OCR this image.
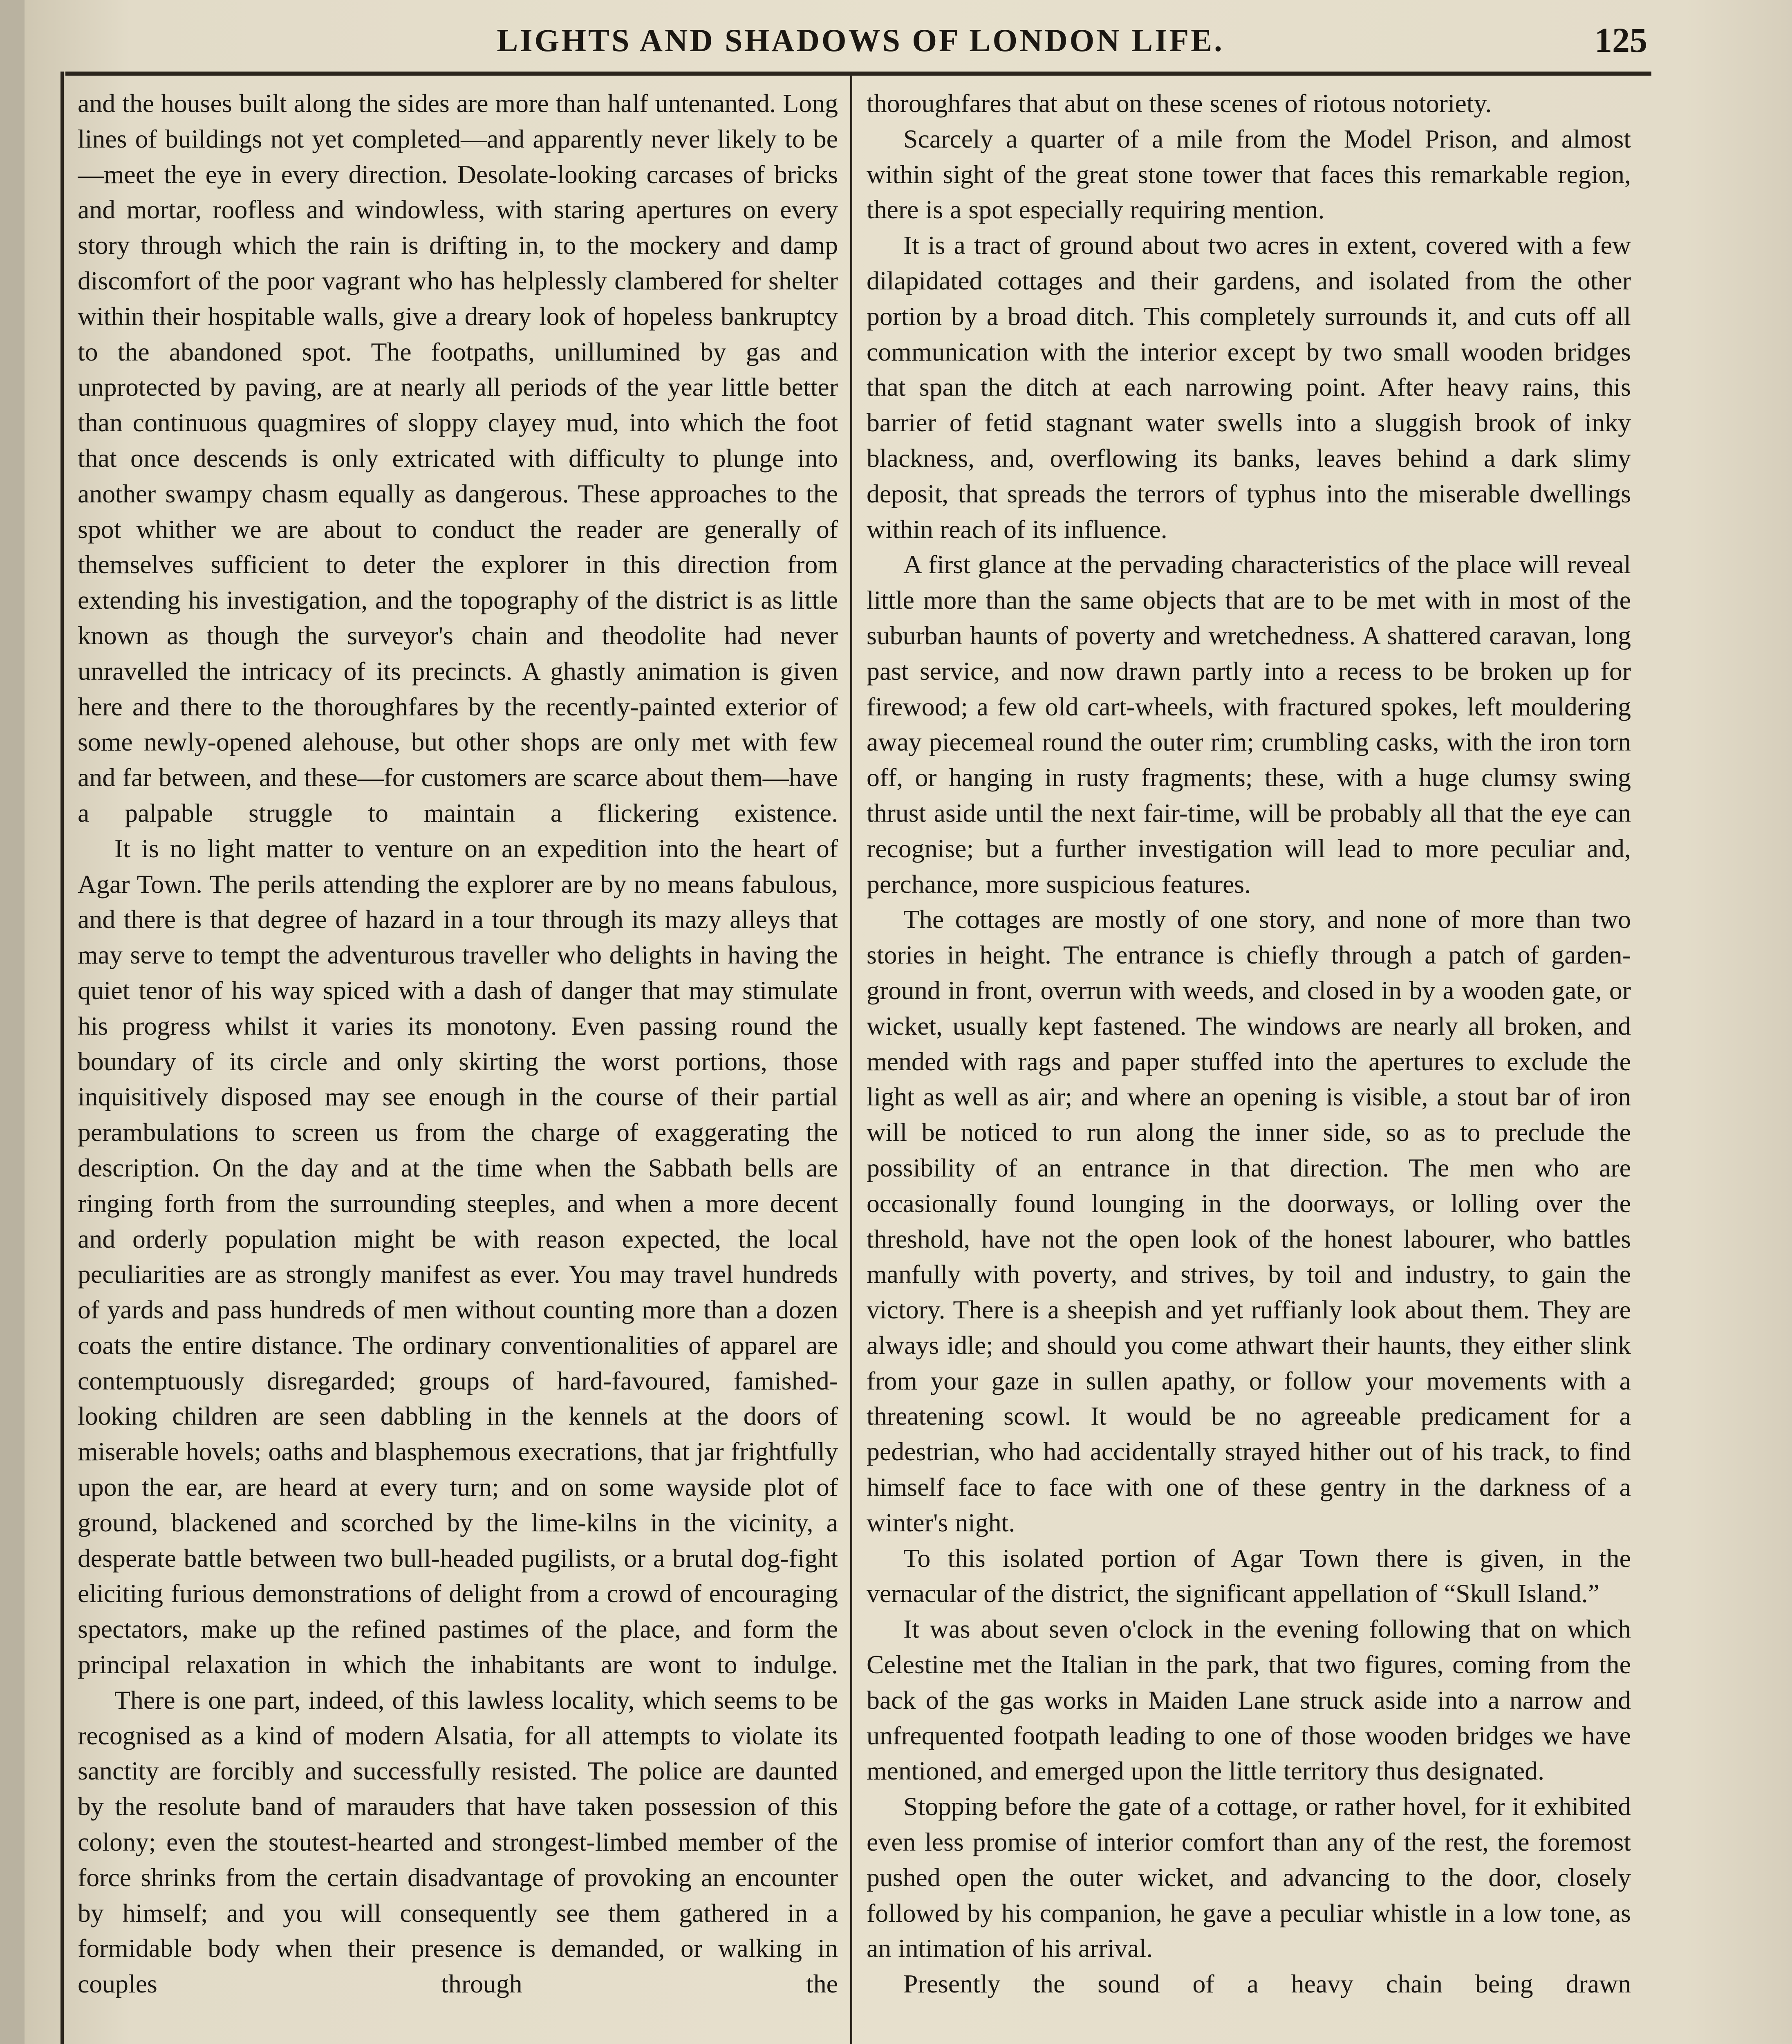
LIGHTS AND SHADOWS OF LONDON LIFE.	125

and the houses built along the sides are more than half untenanted. Long lines of buildings not yet completed—and apparently never likely to be—meet the eye in every direction. Desolate-looking carcases of bricks and mortar, roofless and windowless, with staring apertures on every story through which the rain is drifting in, to the mockery and damp discomfort of the poor vagrant who has helplessly clambered for shelter within their hospitable walls, give a dreary look of hopeless bankruptcy to the abandoned spot. The footpaths, unillumined by gas and unprotected by paving, are at nearly all periods of the year little better than continuous quagmires of sloppy clayey mud, into which the foot that once descends is only extricated with difficulty to plunge into another swampy chasm equally as dangerous. These approaches to the spot whither we are about to conduct the reader are generally of themselves sufficient to deter the explorer in this direction from extending his investigation, and the topography of the district is as little known as though the surveyor's chain and theodolite had never unravelled the intricacy of its precincts. A ghastly animation is given here and there to the thoroughfares by the recently-painted exterior of some newly-opened alehouse, but other shops are only met with few and far between, and these—for customers are scarce about them—have a palpable struggle to maintain a flickering existence.

It is no light matter to venture on an expedition into the heart of Agar Town. The perils attending the explorer are by no means fabulous, and there is that degree of hazard in a tour through its mazy alleys that may serve to tempt the adventurous traveller who delights in having the quiet tenor of his way spiced with a dash of danger that may stimulate his progress whilst it varies its monotony. Even passing round the boundary of its circle and only skirting the worst portions, those inquisitively disposed may see enough in the course of their partial perambulations to screen us from the charge of exaggerating the description. On the day and at the time when the Sabbath bells are ringing forth from the surrounding steeples, and when a more decent and orderly population might be with reason expected, the local peculiarities are as strongly manifest as ever. You may travel hundreds of yards and pass hundreds of men without counting more than a dozen coats the entire distance. The ordinary conventionalities of apparel are contemptuously disregarded; groups of hard-favoured, famished-looking children are seen dabbling in the kennels at the doors of miserable hovels; oaths and blasphemous execrations, that jar frightfully upon the ear, are heard at every turn; and on some wayside plot of ground, blackened and scorched by the lime-kilns in the vicinity, a desperate battle between two bull-headed pugilists, or a brutal dog-fight eliciting furious demonstrations of delight from a crowd of encouraging spectators, make up the refined pastimes of the place, and form the principal relaxation in which the inhabitants are wont to indulge.

There is one part, indeed, of this lawless locality, which seems to be recognised as a kind of modern Alsatia, for all attempts to violate its sanctity are forcibly and successfully resisted. The police are daunted by the resolute band of marauders that have taken possession of this colony; even the stoutest-hearted and strongest-limbed member of the force shrinks from the certain disadvantage of provoking an encounter by himself; and you will consequently see them gathered in a formidable body when their presence is demanded, or walking in couples through the

thoroughfares that abut on these scenes of riotous notoriety.

Scarcely a quarter of a mile from the Model Prison, and almost within sight of the great stone tower that faces this remarkable region, there is a spot especially requiring mention.

It is a tract of ground about two acres in extent, covered with a few dilapidated cottages and their gardens, and isolated from the other portion by a broad ditch. This completely surrounds it, and cuts off all communication with the interior except by two small wooden bridges that span the ditch at each narrowing point. After heavy rains, this barrier of fetid stagnant water swells into a sluggish brook of inky blackness, and, overflowing its banks, leaves behind a dark slimy deposit, that spreads the terrors of typhus into the miserable dwellings within reach of its influence.

A first glance at the pervading characteristics of the place will reveal little more than the same objects that are to be met with in most of the suburban haunts of poverty and wretchedness. A shattered caravan, long past service, and now drawn partly into a recess to be broken up for firewood; a few old cart-wheels, with fractured spokes, left mouldering away piecemeal round the outer rim; crumbling casks, with the iron torn off, or hanging in rusty fragments; these, with a huge clumsy swing thrust aside until the next fair-time, will be probably all that the eye can recognise; but a further investigation will lead to more peculiar and, perchance, more suspicious features.

The cottages are mostly of one story, and none of more than two stories in height. The entrance is chiefly through a patch of garden-ground in front, overrun with weeds, and closed in by a wooden gate, or wicket, usually kept fastened. The windows are nearly all broken, and mended with rags and paper stuffed into the apertures to exclude the light as well as air; and where an opening is visible, a stout bar of iron will be noticed to run along the inner side, so as to preclude the possibility of an entrance in that direction. The men who are occasionally found lounging in the doorways, or lolling over the threshold, have not the open look of the honest labourer, who battles manfully with poverty, and strives, by toil and industry, to gain the victory. There is a sheepish and yet ruffianly look about them. They are always idle; and should you come athwart their haunts, they either slink from your gaze in sullen apathy, or follow your movements with a threatening scowl. It would be no agreeable predicament for a pedestrian, who had accidentally strayed hither out of his track, to find himself face to face with one of these gentry in the darkness of a winter's night.

To this isolated portion of Agar Town there is given, in the vernacular of the district, the significant appellation of “Skull Island.”

It was about seven o'clock in the evening following that on which Celestine met the Italian in the park, that two figures, coming from the back of the gas works in Maiden Lane struck aside into a narrow and unfrequented footpath leading to one of those wooden bridges we have mentioned, and emerged upon the little territory thus designated.

Stopping before the gate of a cottage, or rather hovel, for it exhibited even less promise of interior comfort than any of the rest, the foremost pushed open the outer wicket, and advancing to the door, closely followed by his companion, he gave a peculiar whistle in a low tone, as an intimation of his arrival.

Presently the sound of a heavy chain being drawn
